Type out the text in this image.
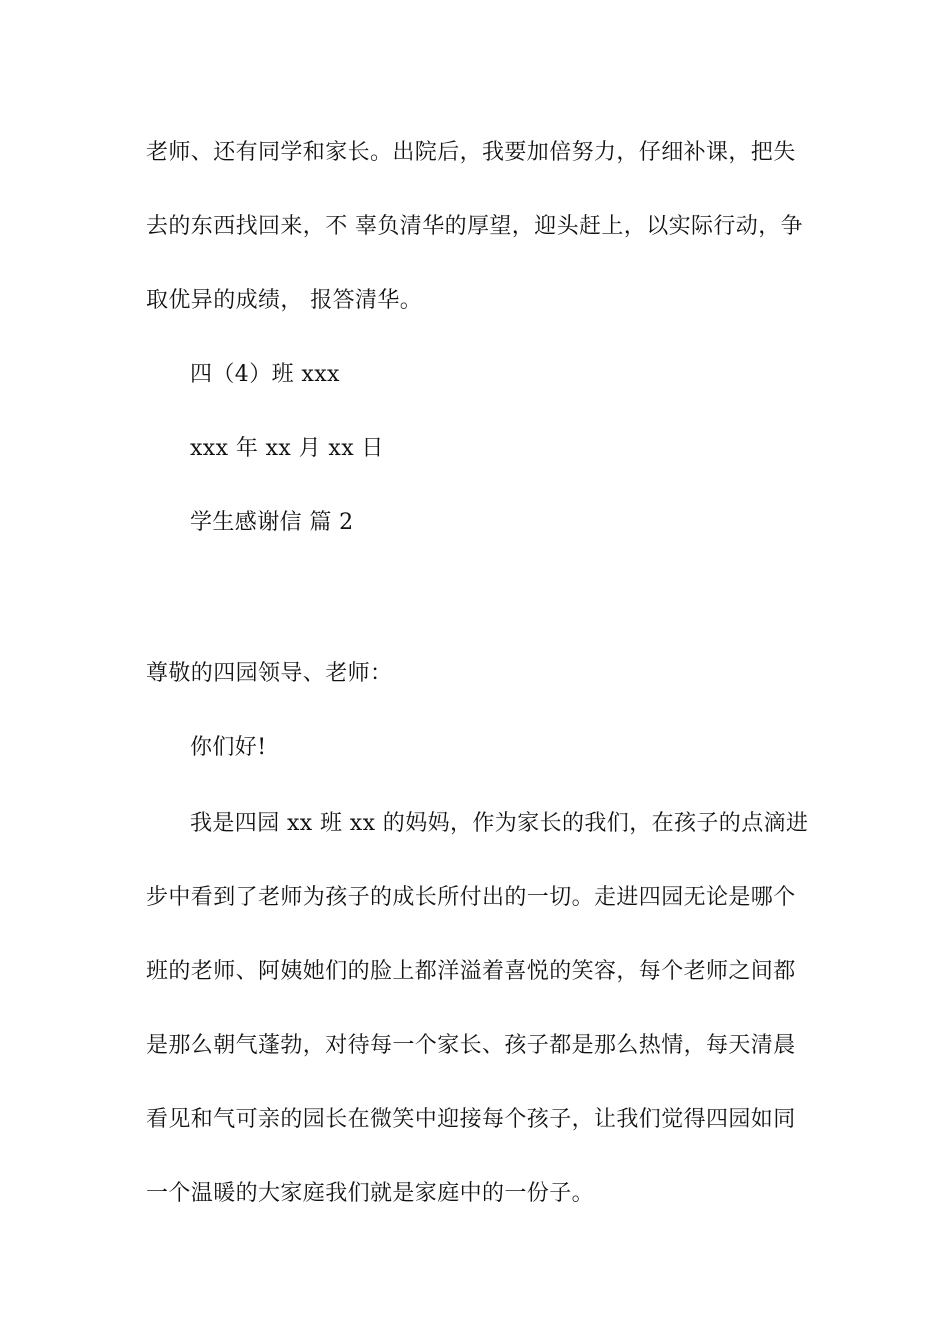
老师、还有同学和家长。出院后，我要加倍努力，仔细补课，把失
去的东西找回来，不 辜负清华的厚望，迎头赶上，以实际行动，争
取优异的成绩， 报答清华。
四（4）班 xxx
xxx 年 xx 月 xx 日
学生感谢信 篇 2
尊敬的四园领导、老师：
你们好!
我是四园 xx 班 xx 的妈妈，作为家长的我们，在孩子的点滴进
步中看到了老师为孩子的成长所付出的一切。走进四园无论是哪个
班的老师、阿姨她们的脸上都洋溢着喜悦的笑容，每个老师之间都
是那么朝气蓬勃，对待每一个家长、孩子都是那么热情，每天清晨
看见和气可亲的园长在微笑中迎接每个孩子，让我们觉得四园如同
一个温暖的大家庭我们就是家庭中的一份子。
